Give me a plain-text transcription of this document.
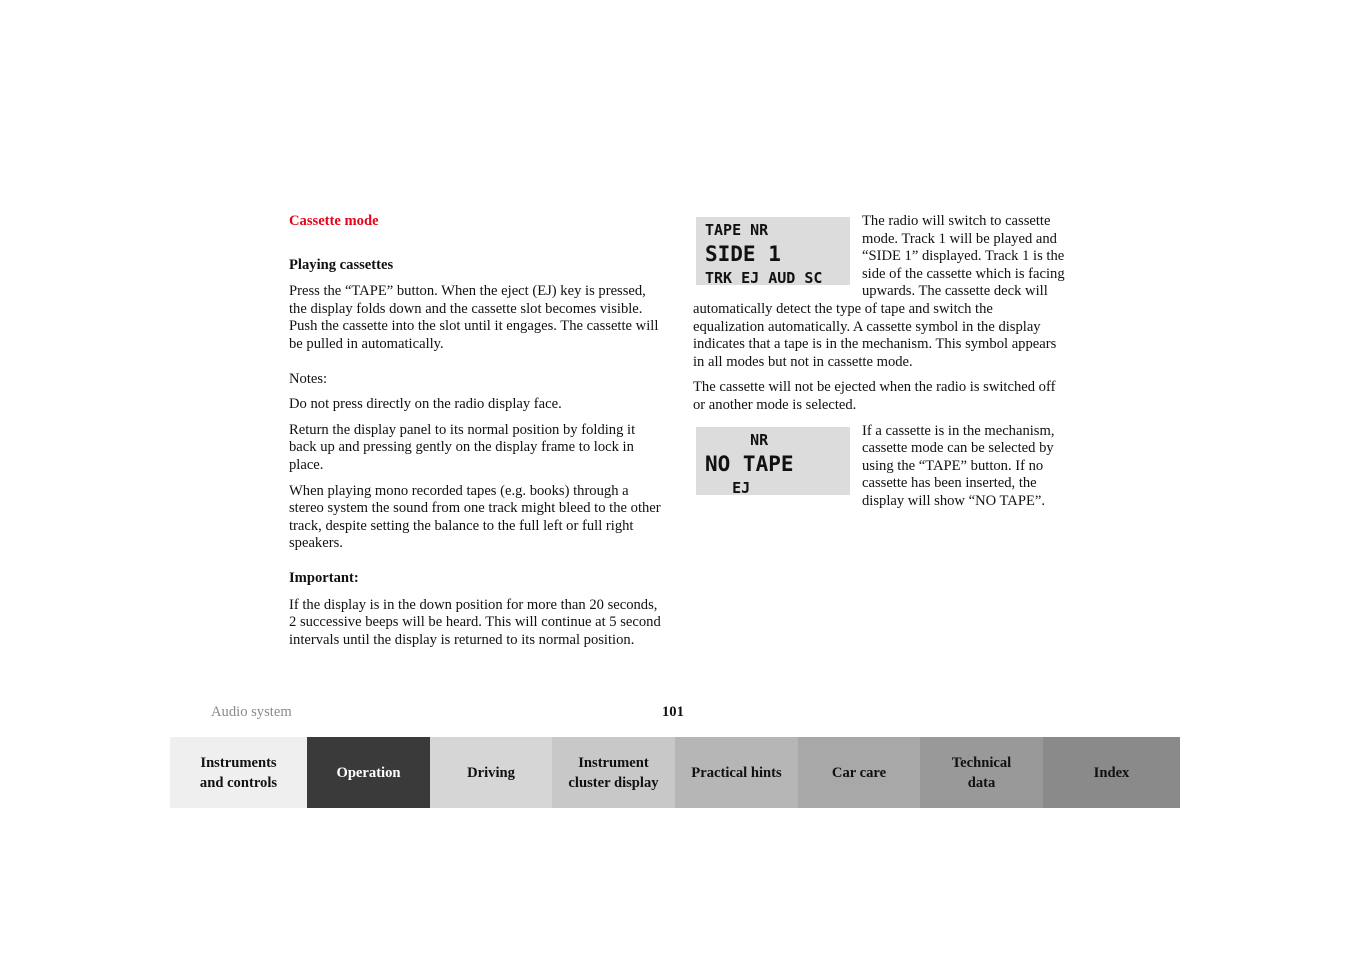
Cassette mode
Playing cassettes

Press the “TAPE” button. When the eject (EJ) key is pressed, the display folds down and the cassette slot becomes visible. Push the cassette into the slot until it engages. The cassette will be pulled in automatically.

Notes:

Do not press directly on the radio display face.

Return the display panel to its normal position by folding it back up and pressing gently on the display frame to lock in place.

When playing mono recorded tapes (e.g. books) through a stereo system the sound from one track might bleed to the other track, despite setting the balance to the full left or full right speakers.

Important:

If the display is in the down position for more than 20 seconds, 2 successive beeps will be heard. This will continue at 5 second intervals until the display is returned to its normal position.

TAPE NR
SIDE 1
TRK EJ AUD SC

The radio will switch to cassette mode. Track 1 will be played and “SIDE 1” displayed. Track 1 is the side of the cassette which is facing upwards. The cassette deck will automatically detect the type of tape and switch the equalization automatically. A cassette symbol in the display indicates that a tape is in the mechanism. This symbol appears in all modes but not in cassette mode.

The cassette will not be ejected when the radio is switched off or another mode is selected.

NR
NO TAPE
EJ

If a cassette is in the mechanism, cassette mode can be selected by using the “TAPE” button. If no cassette has been inserted, the display will show “NO TAPE”.

Audio system	101
Instruments
and controls
Operation	Driving
Instrument
cluster display
Practical hints	Car care
Technical
data
Index
